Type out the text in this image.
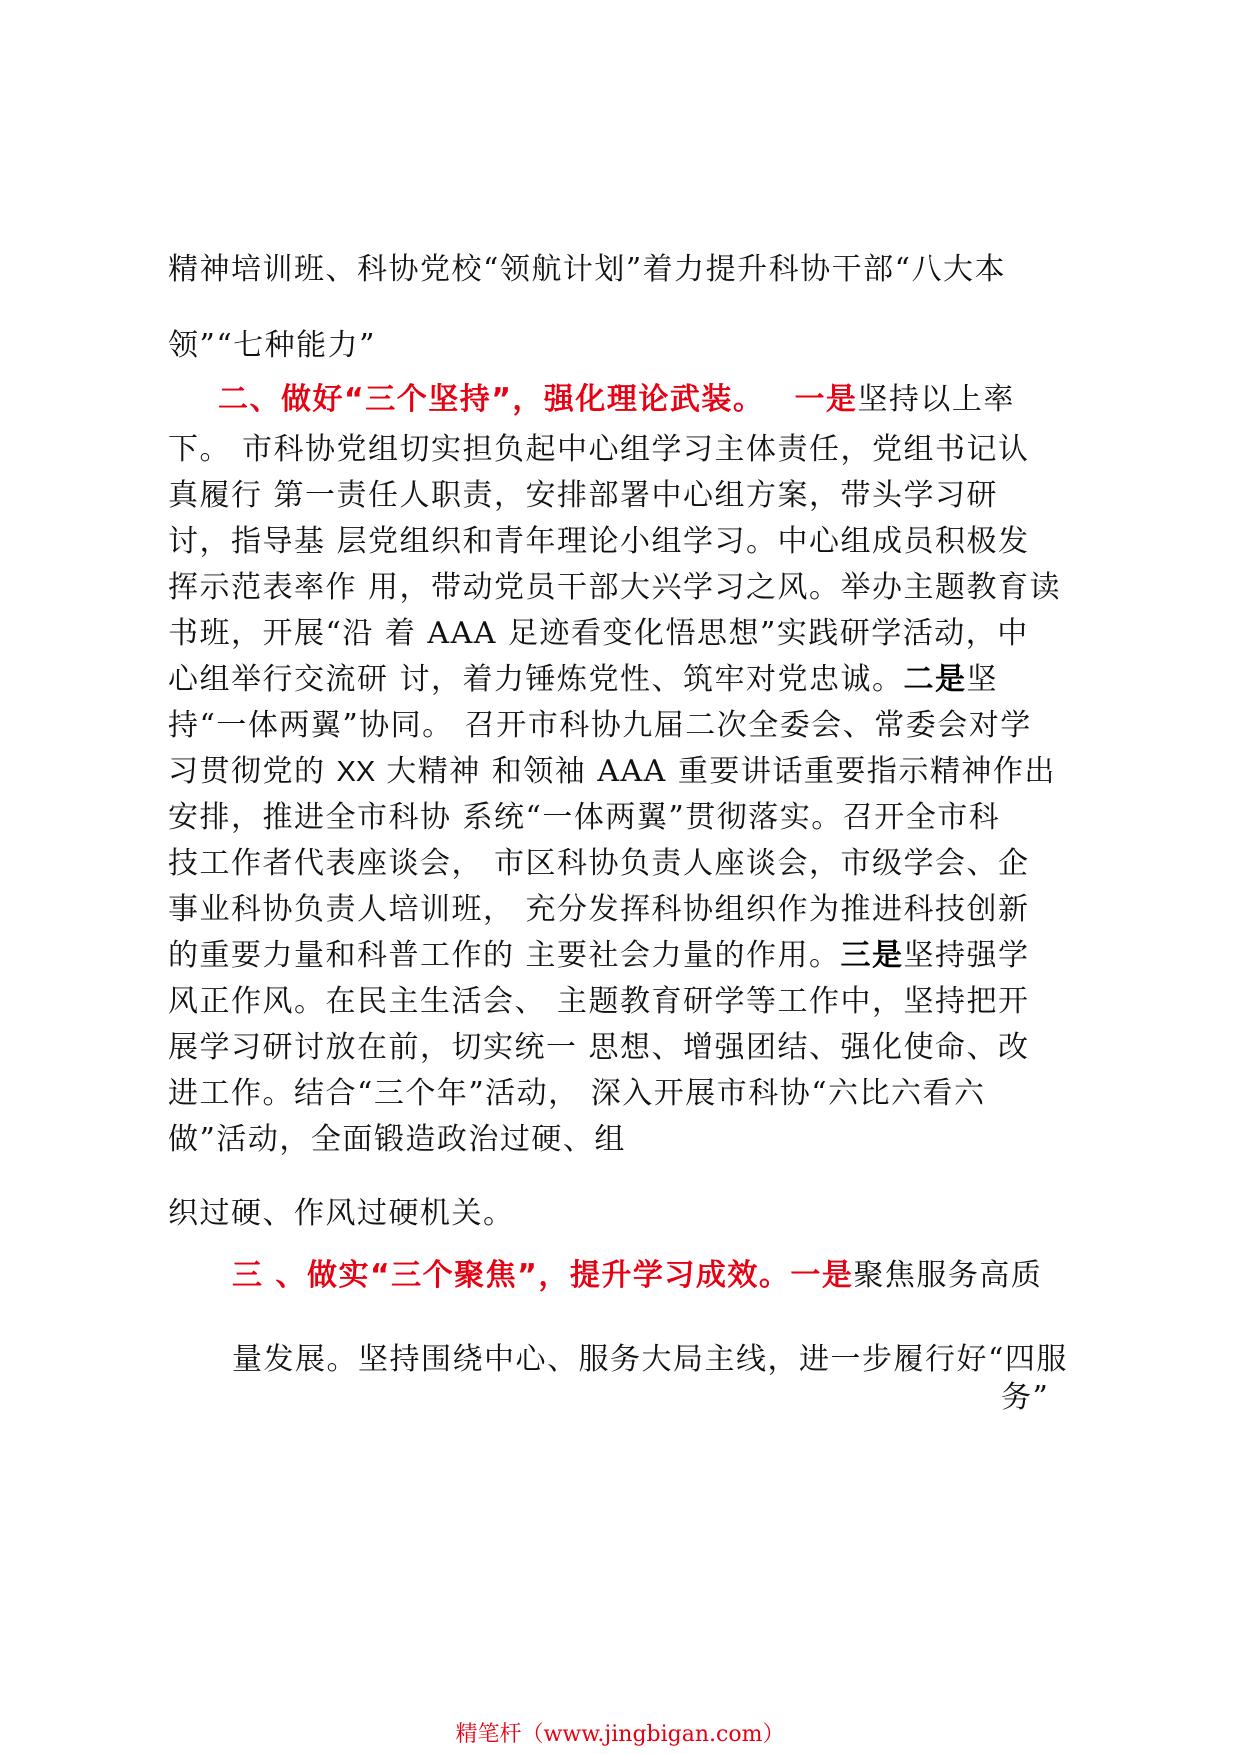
精神培训班、科协党校“领航计划”着力提升科协干部“八大本
领”“七种能力”
二、做好“三个坚持”，强化理论武装。 一是坚持以上率
下。 市科协党组切实担负起中心组学习主体责任，党组书记认
真履行 第一责任人职责，安排部署中心组方案，带头学习研
讨，指导基 层党组织和青年理论小组学习。中心组成员积极发
挥示范表率作 用，带动党员干部大兴学习之风。举办主题教育读
书班，开展“沿 着 AAA 足迹看变化悟思想”实践研学活动，中
心组举行交流研 讨，着力锤炼党性、筑牢对党忠诚。二是坚
持“一体两翼”协同。 召开市科协九届二次全委会、常委会对学
习贯彻党的 XX 大精神 和领袖 AAA 重要讲话重要指示精神作出
安排，推进全市科协 系统“一体两翼”贯彻落实。召开全市科
技工作者代表座谈会， 市区科协负责人座谈会，市级学会、企
事业科协负责人培训班， 充分发挥科协组织作为推进科技创新
的重要力量和科普工作的 主要社会力量的作用。三是坚持强学
风正作风。在民主生活会、 主题教育研学等工作中，坚持把开
展学习研讨放在前，切实统一 思想、增强团结、强化使命、改
进工作。结合“三个年”活动， 深入开展市科协“六比六看六
做”活动，全面锻造政治过硬、组
织过硬、作风过硬机关。
三 、做实“三个聚焦”，提升学习成效。一是聚焦服务高质
量发展。坚持围绕中心、服务大局主线，进一步履行好“四服
务”
精笔杆（www.jingbigan.com）
